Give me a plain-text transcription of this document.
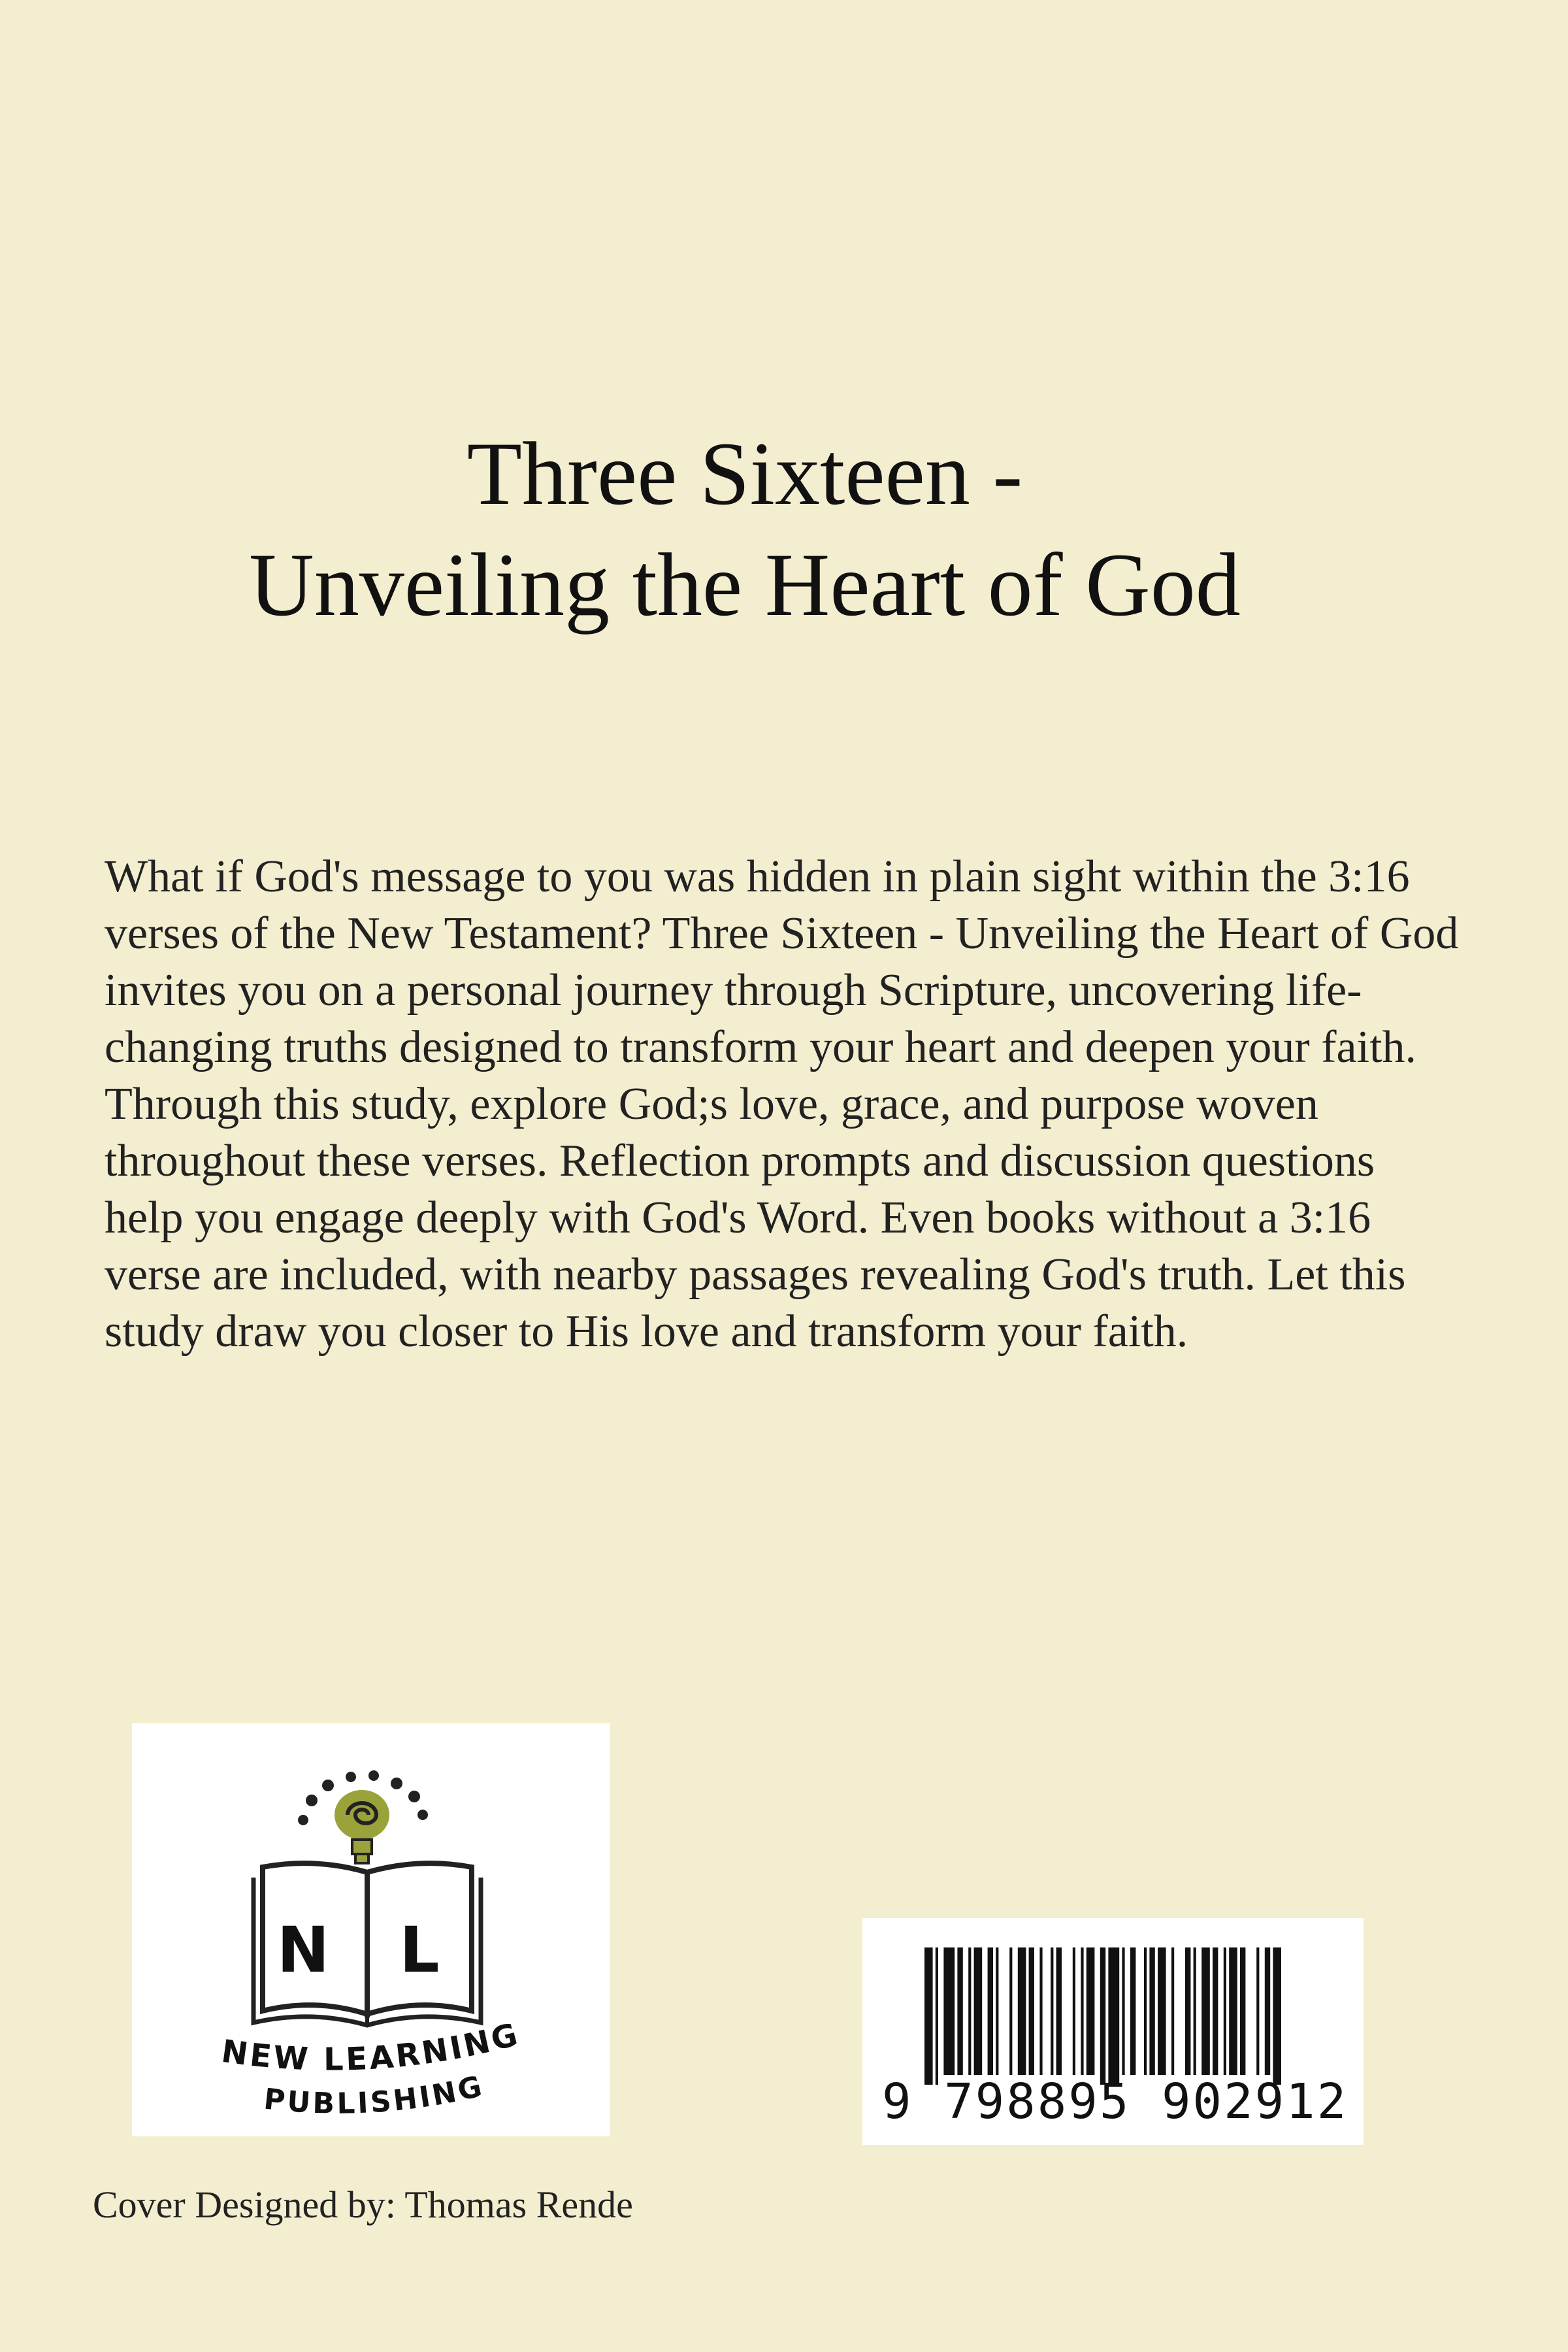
Three Sixteen -
Unveiling the Heart of God

What if God's message to you was hidden in plain sight within the 3:16 verses of the New Testament? Three Sixteen - Unveiling the Heart of God invites you on a personal journey through Scripture, uncovering life-changing truths designed to transform your heart and deepen your faith. Through this study, explore God;s love, grace, and purpose woven throughout these verses. Reflection prompts and discussion questions help you engage deeply with God's Word. Even books without a 3:16 verse are included, with nearby passages revealing God's truth. Let this study draw you closer to His love and transform your faith.

N L
NEW LEARNING
PUBLISHING	9 798895 902912
Cover Designed by: Thomas Rende
